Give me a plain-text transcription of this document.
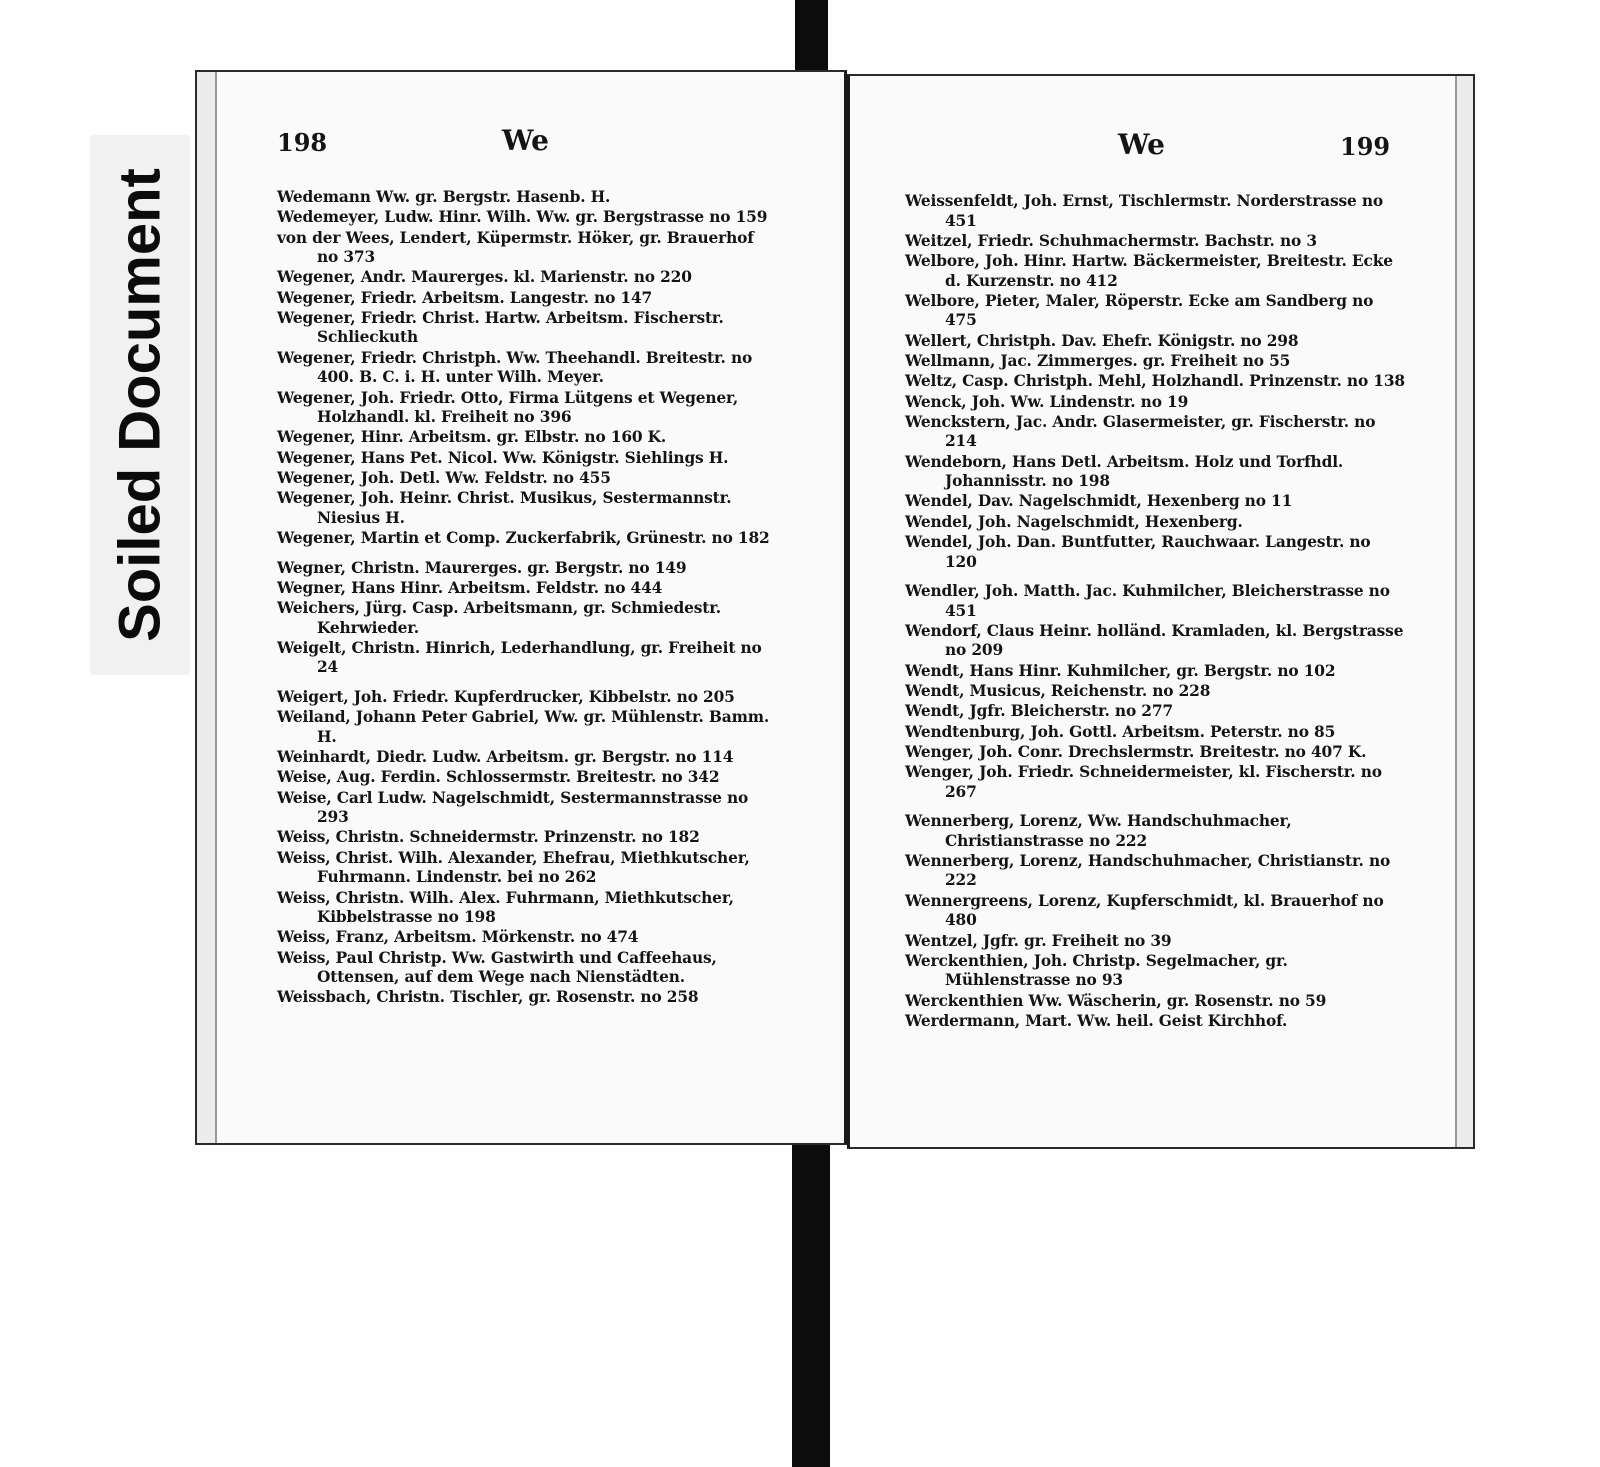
Soiled Document
198	We
Wedemann Ww. gr. Bergstr. Hasenb. H.
Wedemeyer, Ludw. Hinr. Wilh. Ww. gr. Bergstrasse no 159
von der Wees, Lendert, Küpermstr. Höker, gr. Brauerhof no 373
Wegener, Andr. Maurerges. kl. Marienstr. no 220
Wegener, Friedr. Arbeitsm. Langestr. no 147
Wegener, Friedr. Christ. Hartw. Arbeitsm. Fischerstr. Schlieckuth
Wegener, Friedr. Christph. Ww. Theehandl. Breitestr. no 400. B. C. i. H. unter Wilh. Meyer.
Wegener, Joh. Friedr. Otto, Firma Lütgens et Wegener, Holzhandl. kl. Freiheit no 396
Wegener, Hinr. Arbeitsm. gr. Elbstr. no 160 K.
Wegener, Hans Pet. Nicol. Ww. Königstr. Siehlings H.
Wegener, Joh. Detl. Ww. Feldstr. no 455
Wegener, Joh. Heinr. Christ. Musikus, Sestermannstr. Niesius H.
Wegener, Martin et Comp. Zuckerfabrik, Grünestr. no 182
Wegner, Christn. Maurerges. gr. Bergstr. no 149
Wegner, Hans Hinr. Arbeitsm. Feldstr. no 444
Weichers, Jürg. Casp. Arbeitsmann, gr. Schmiedestr. Kehrwieder.
Weigelt, Christn. Hinrich, Lederhandlung, gr. Freiheit no 24
Weigert, Joh. Friedr. Kupferdrucker, Kibbelstr. no 205
Weiland, Johann Peter Gabriel, Ww. gr. Mühlenstr. Bamm. H.
Weinhardt, Diedr. Ludw. Arbeitsm. gr. Bergstr. no 114
Weise, Aug. Ferdin. Schlossermstr. Breitestr. no 342
Weise, Carl Ludw. Nagelschmidt, Sestermannstrasse no 293
Weiss, Christn. Schneidermstr. Prinzenstr. no 182
Weiss, Christ. Wilh. Alexander, Ehefrau, Miethkutscher, Fuhrmann. Lindenstr. bei no 262
Weiss, Christn. Wilh. Alex. Fuhrmann, Miethkutscher, Kibbelstrasse no 198
Weiss, Franz, Arbeitsm. Mörkenstr. no 474
Weiss, Paul Christp. Ww. Gastwirth und Caffeehaus, Ottensen, auf dem Wege nach Nienstädten.
Weissbach, Christn. Tischler, gr. Rosenstr. no 258
We	199
Weissenfeldt, Joh. Ernst, Tischlermstr. Norderstrasse no 451
Weitzel, Friedr. Schuhmachermstr. Bachstr. no 3
Welbore, Joh. Hinr. Hartw. Bäckermeister, Breitestr. Ecke d. Kurzenstr. no 412
Welbore, Pieter, Maler, Röperstr. Ecke am Sandberg no 475
Wellert, Christph. Dav. Ehefr. Königstr. no 298
Wellmann, Jac. Zimmerges. gr. Freiheit no 55
Weltz, Casp. Christph. Mehl, Holzhandl. Prinzenstr. no 138
Wenck, Joh. Ww. Lindenstr. no 19
Wenckstern, Jac. Andr. Glasermeister, gr. Fischerstr. no 214
Wendeborn, Hans Detl. Arbeitsm. Holz und Torfhdl. Johannisstr. no 198
Wendel, Dav. Nagelschmidt, Hexenberg no 11
Wendel, Joh. Nagelschmidt, Hexenberg.
Wendel, Joh. Dan. Buntfutter, Rauchwaar. Langestr. no 120
Wendler, Joh. Matth. Jac. Kuhmilcher, Bleicherstrasse no 451
Wendorf, Claus Heinr. holländ. Kramladen, kl. Bergstrasse no 209
Wendt, Hans Hinr. Kuhmilcher, gr. Bergstr. no 102
Wendt, Musicus, Reichenstr. no 228
Wendt, Jgfr. Bleicherstr. no 277
Wendtenburg, Joh. Gottl. Arbeitsm. Peterstr. no 85
Wenger, Joh. Conr. Drechslermstr. Breitestr. no 407 K.
Wenger, Joh. Friedr. Schneidermeister, kl. Fischerstr. no 267
Wennerberg, Lorenz, Ww. Handschuhmacher, Christianstrasse no 222
Wennerberg, Lorenz, Handschuhmacher, Christianstr. no 222
Wennergreens, Lorenz, Kupferschmidt, kl. Brauerhof no 480
Wentzel, Jgfr. gr. Freiheit no 39
Werckenthien, Joh. Christp. Segelmacher, gr. Mühlenstrasse no 93
Werckenthien Ww. Wäscherin, gr. Rosenstr. no 59
Werdermann, Mart. Ww. heil. Geist Kirchhof.
